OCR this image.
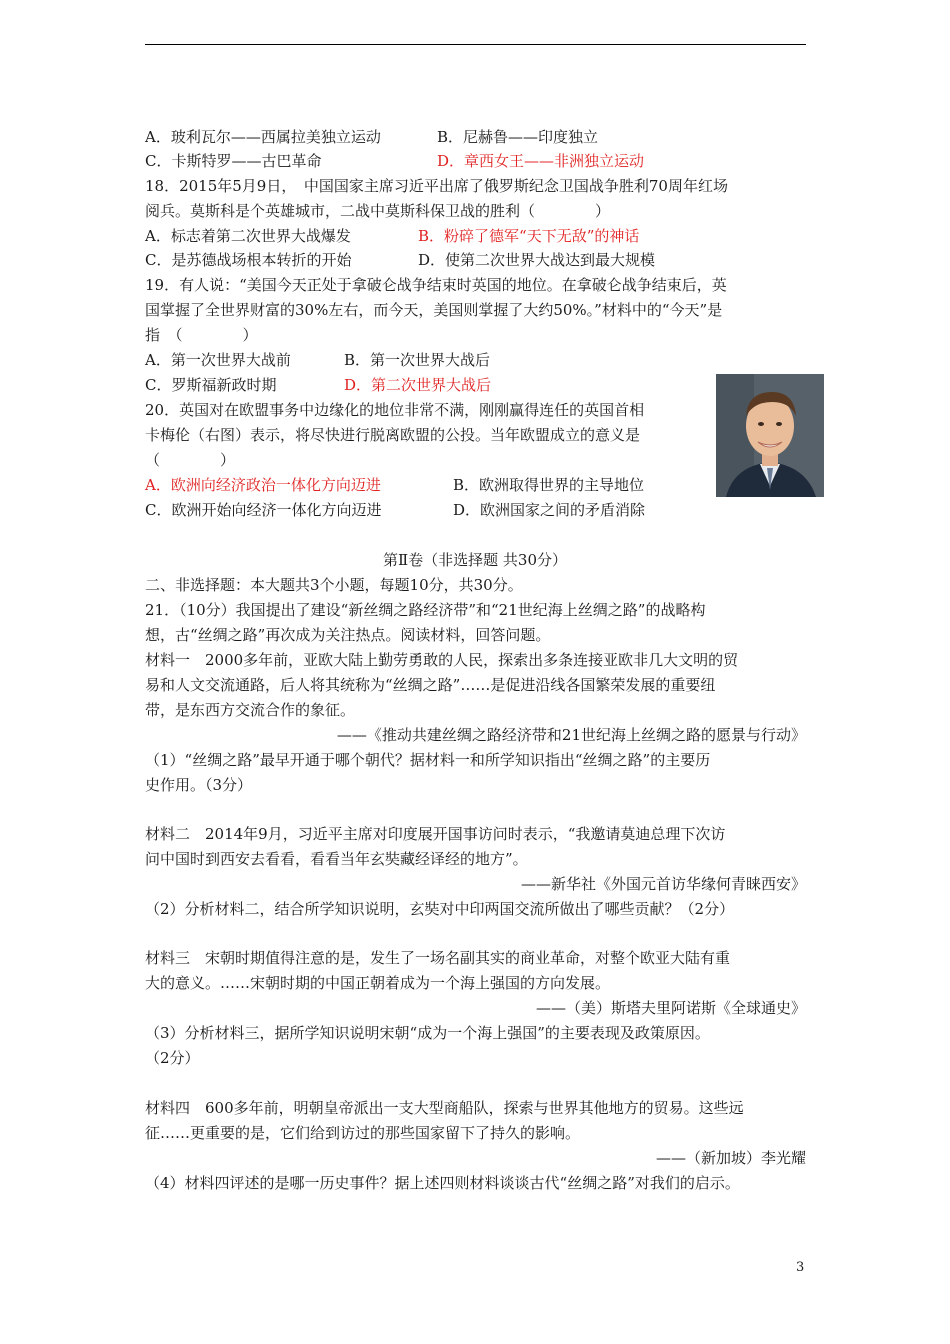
A．玻利瓦尔——西属拉美独立运动	B．尼赫鲁——印度独立
C．卡斯特罗——古巴革命	D．章西女王——非洲独立运动
18．2015年5月9日，　中国国家主席习近平出席了俄罗斯纪念卫国战争胜利70周年红场
阅兵。莫斯科是个英雄城市，二战中莫斯科保卫战的胜利（　　　　）
A．标志着第二次世界大战爆发	B．粉碎了德军“天下无敌”的神话
C．是苏德战场根本转折的开始	D．使第二次世界大战达到最大规模
19．有人说：“美国今天正处于拿破仑战争结束时英国的地位。在拿破仑战争结束后，英
国掌握了全世界财富的30%左右，而今天，美国则掌握了大约50%。”材料中的“今天”是
指　（　　　　）
A．第一次世界大战前	B．第一次世界大战后
C．罗斯福新政时期	D．第二次世界大战后
20．英国对在欧盟事务中边缘化的地位非常不满，刚刚赢得连任的英国首相
卡梅伦（右图）表示，将尽快进行脱离欧盟的公投。当年欧盟成立的意义是
（　　　　）
A．欧洲向经济政治一体化方向迈进	B．欧洲取得世界的主导地位
C．欧洲开始向经济一体化方向迈进	D．欧洲国家之间的矛盾消除
第Ⅱ卷（非选择题 共30分）
二、非选择题：本大题共3个小题，每题10分，共30分。
21．（10分）我国提出了建设“新丝绸之路经济带”和“21世纪海上丝绸之路”的战略构
想，古“丝绸之路”再次成为关注热点。阅读材料，回答问题。
材料一　2000多年前，亚欧大陆上勤劳勇敢的人民，探索出多条连接亚欧非几大文明的贸
易和人文交流通路，后人将其统称为“丝绸之路”……是促进沿线各国繁荣发展的重要纽
带，是东西方交流合作的象征。
——《推动共建丝绸之路经济带和21世纪海上丝绸之路的愿景与行动》
（1）“丝绸之路”最早开通于哪个朝代？据材料一和所学知识指出“丝绸之路”的主要历
史作用。（3分）
材料二　2014年9月，习近平主席对印度展开国事访问时表示，“我邀请莫迪总理下次访
问中国时到西安去看看，看看当年玄奘藏经译经的地方”。
——新华社《外国元首访华缘何青睐西安》
（2）分析材料二，结合所学知识说明，玄奘对中印两国交流所做出了哪些贡献？（2分）
材料三　宋朝时期值得注意的是，发生了一场名副其实的商业革命，对整个欧亚大陆有重
大的意义。……宋朝时期的中国正朝着成为一个海上强国的方向发展。
——（美）斯塔夫里阿诺斯《全球通史》
（3）分析材料三，据所学知识说明宋朝“成为一个海上强国”的主要表现及政策原因。
（2分）
材料四　600多年前，明朝皇帝派出一支大型商船队，探索与世界其他地方的贸易。这些远
征……更重要的是，它们给到访过的那些国家留下了持久的影响。
——（新加坡）李光耀
（4）材料四评述的是哪一历史事件？据上述四则材料谈谈古代“丝绸之路”对我们的启示。
3
